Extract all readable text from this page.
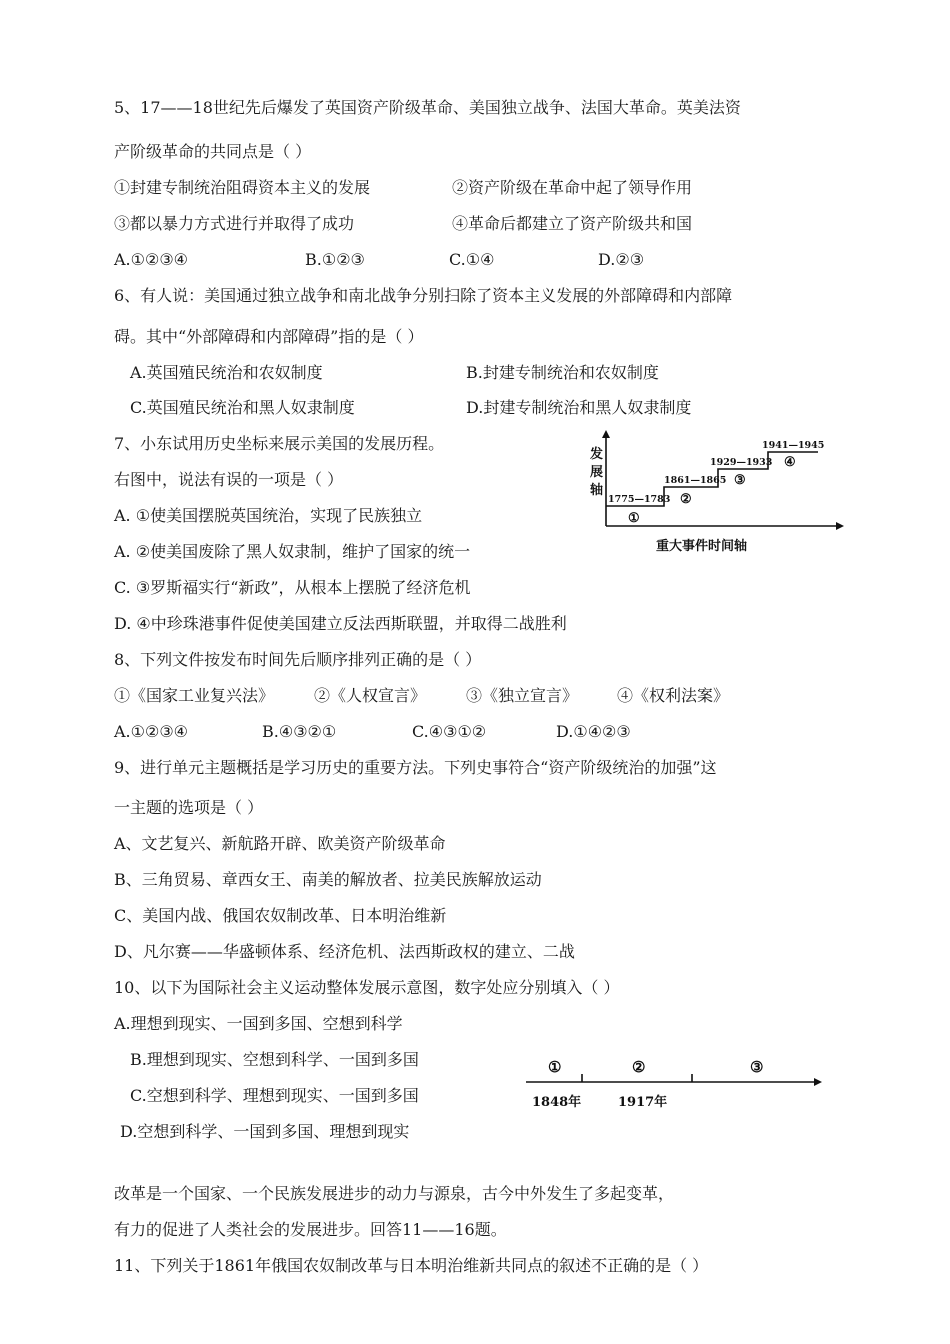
5、17——18世纪先后爆发了英国资产阶级革命、美国独立战争、法国大革命。英美法资
产阶级革命的共同点是（ ）
①封建专制统治阻碍资本主义的发展	②资产阶级在革命中起了领导作用
③都以暴力方式进行并取得了成功	④革命后都建立了资产阶级共和国
A.①②③④	B.①②③	C.①④	D.②③
6、有人说：美国通过独立战争和南北战争分别扫除了资本主义发展的外部障碍和内部障
碍。其中“外部障碍和内部障碍”指的是（ ）
A.英国殖民统治和农奴制度	B.封建专制统治和农奴制度
C.英国殖民统治和黑人奴隶制度	D.封建专制统治和黑人奴隶制度
7、小东试用历史坐标来展示美国的发展历程。
右图中，说法有误的一项是（ ）
A. ①使美国摆脱英国统治，实现了民族独立
A. ②使美国废除了黑人奴隶制，维护了国家的统一
C. ③罗斯福实行“新政”，从根本上摆脱了经济危机
D. ④中珍珠港事件促使美国建立反法西斯联盟，并取得二战胜利
发
展
轴
1775—1783
1861—1865
1929—1933
1941—1945
①
②
③
④
重大事件时间轴
8、下列文件按发布时间先后顺序排列正确的是（ ）
①《国家工业复兴法》 ②《人权宣言》 ③《独立宣言》 ④《权利法案》
A.①②③④	B.④③②①	C.④③①②	D.①④②③
9、进行单元主题概括是学习历史的重要方法。下列史事符合“资产阶级统治的加强”这
一主题的选项是（ ）
A、文艺复兴、新航路开辟、欧美资产阶级革命
B、三角贸易、章西女王、南美的解放者、拉美民族解放运动
C、美国内战、俄国农奴制改革、日本明治维新
D、凡尔赛——华盛顿体系、经济危机、法西斯政权的建立、二战
10、以下为国际社会主义运动整体发展示意图，数字处应分别填入（ ）
A.理想到现实、一国到多国、空想到科学
B.理想到现实、空想到科学、一国到多国
C.空想到科学、理想到现实、一国到多国
D.空想到科学、一国到多国、理想到现实
①	②	③
1848年	1917年
改革是一个国家、一个民族发展进步的动力与源泉，古今中外发生了多起变革，
有力的促进了人类社会的发展进步。回答11——16题。
11、下列关于1861年俄国农奴制改革与日本明治维新共同点的叙述不正确的是（ ）
